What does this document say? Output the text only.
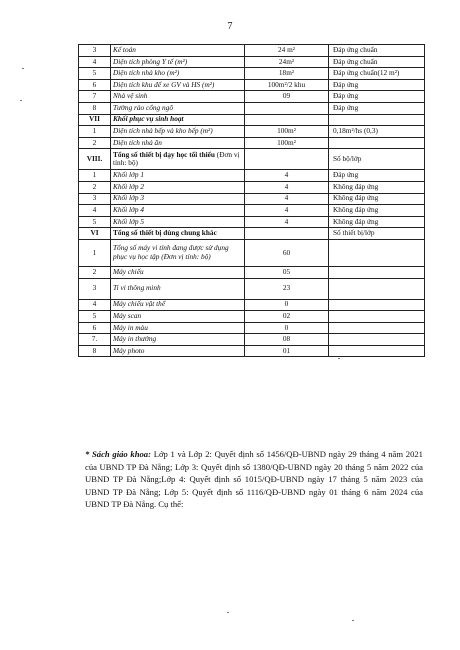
7
3	Kế toán	24 m²	Đáp ứng chuẩn
4	Diện tích phòng Y tế (m²)	24m²	Đáp ứng chuẩn
5	Diện tích nhà kho (m²)	18m²	Đáp ứng chuẩn(12 m²)
6	Diện tích khu để xe GV và HS (m²)	100m²/2 khu	Đáp ứng
7	Nhà vệ sinh	09	Đáp ứng
8	Tường rào cổng ngõ		Đáp ứng
VII	Khối phục vụ sinh hoạt		
1	Diện tích nhà bếp và kho bếp (m²)	100m²	0,18m²/hs (0,3)
2	Diện tích nhà ăn	100m²	
VIII.	Tổng số thiết bị dạy học tối thiểu (Đơn vị tính: bộ)		Số bộ/lớp
1	Khối lớp 1	4	Đáp ứng
2	Khối lớp 2	4	Không đáp ứng
3	Khối lớp 3	4	Không đáp ứng
4	Khối lớp 4	4	Không đáp ứng
5	Khối lớp 5	4	Không đáp ứng
VI	Tổng số thiết bị dùng chung khác		Số thiết bị/lớp
1	Tổng số máy vi tính đang được sử dụng phục vụ học tập (Đơn vị tính: bộ)	60	
2	Máy chiếu	05	
3	Ti vi thông minh	23	
4	Máy chiếu vật thể	0	
5	Máy scan	02	
6	Máy in màu	0	
7.	Máy in thường	08	
8	Máy photo	01	
* Sách giáo khoa: Lớp 1 và Lớp 2: Quyết định số 1456/QĐ-UBND ngày 29 tháng 4 năm 2021 của UBND TP Đà Nẵng; Lớp 3: Quyết định số 1380/QĐ-UBND ngày 20 tháng 5 năm 2022 của UBND TP Đà Nẵng;Lớp 4: Quyết định số 1015/QĐ-UBND ngày 17 tháng 5 năm 2023 của UBND TP Đà Nẵng; Lớp 5: Quyết định số 1116/QĐ-UBND ngày 01 tháng 6 năm 2024 của UBND TP Đà Nẵng. Cụ thể:
